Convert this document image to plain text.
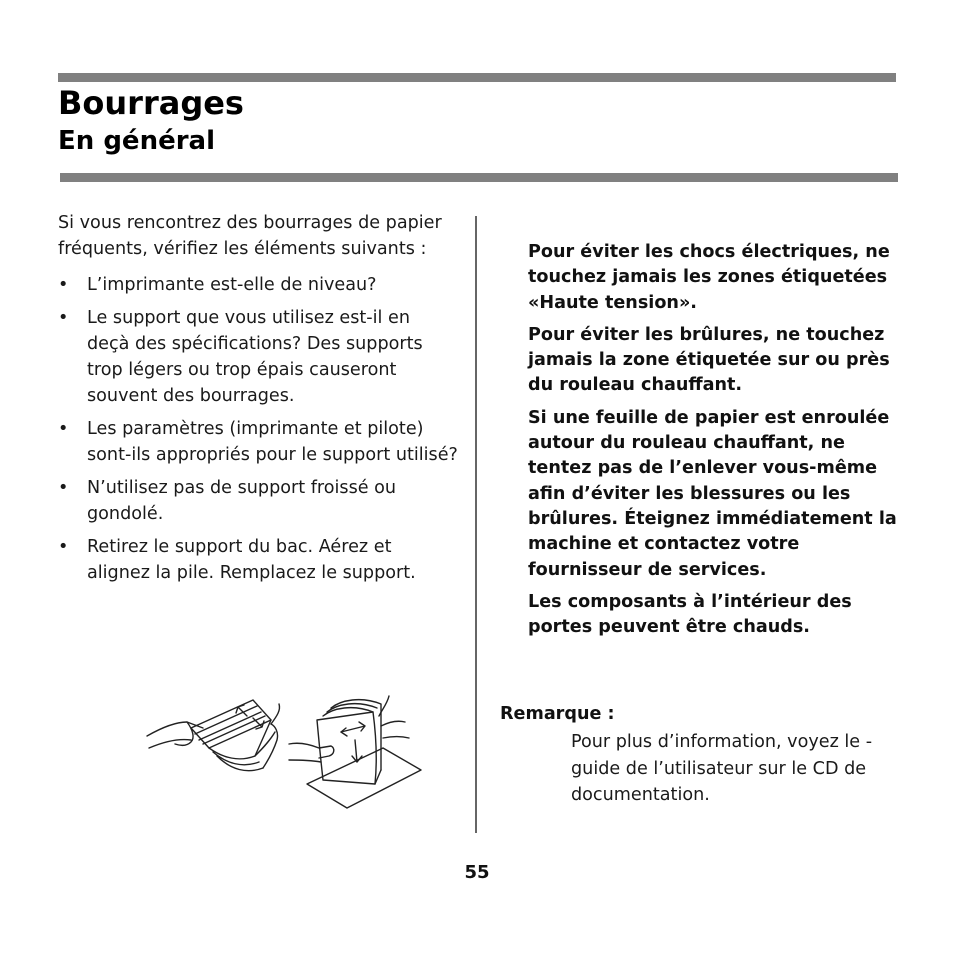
Bourrages
En général

Si vous rencontrez des bourrages de papier fréquents, vérifiez les éléments suivants :

• L’imprimante est-elle de niveau?
• Le support que vous utilisez est-il en deçà des spécifications? Des supports trop légers ou trop épais causeront souvent des bourrages.
• Les paramètres (imprimante et pilote) sont-ils appropriés pour le support utilisé?
• N’utilisez pas de support froissé ou gondolé.
• Retirez le support du bac. Aérez et alignez la pile. Remplacez le support.

Pour éviter les chocs électriques, ne touchez jamais les zones étiquetées «Haute tension».

Pour éviter les brûlures, ne touchez jamais la zone étiquetée sur ou près du rouleau chauffant.

Si une feuille de papier est enroulée autour du rouleau chauffant, ne tentez pas de l’enlever vous-même afin d’éviter les blessures ou les brûlures. Éteignez immédiatement la machine et contactez votre fournisseur de services.

Les composants à l’intérieur des portes peuvent être chauds.

Remarque :

Pour plus d’information, voyez le -guide de l’utilisateur sur le CD de documentation.

55
